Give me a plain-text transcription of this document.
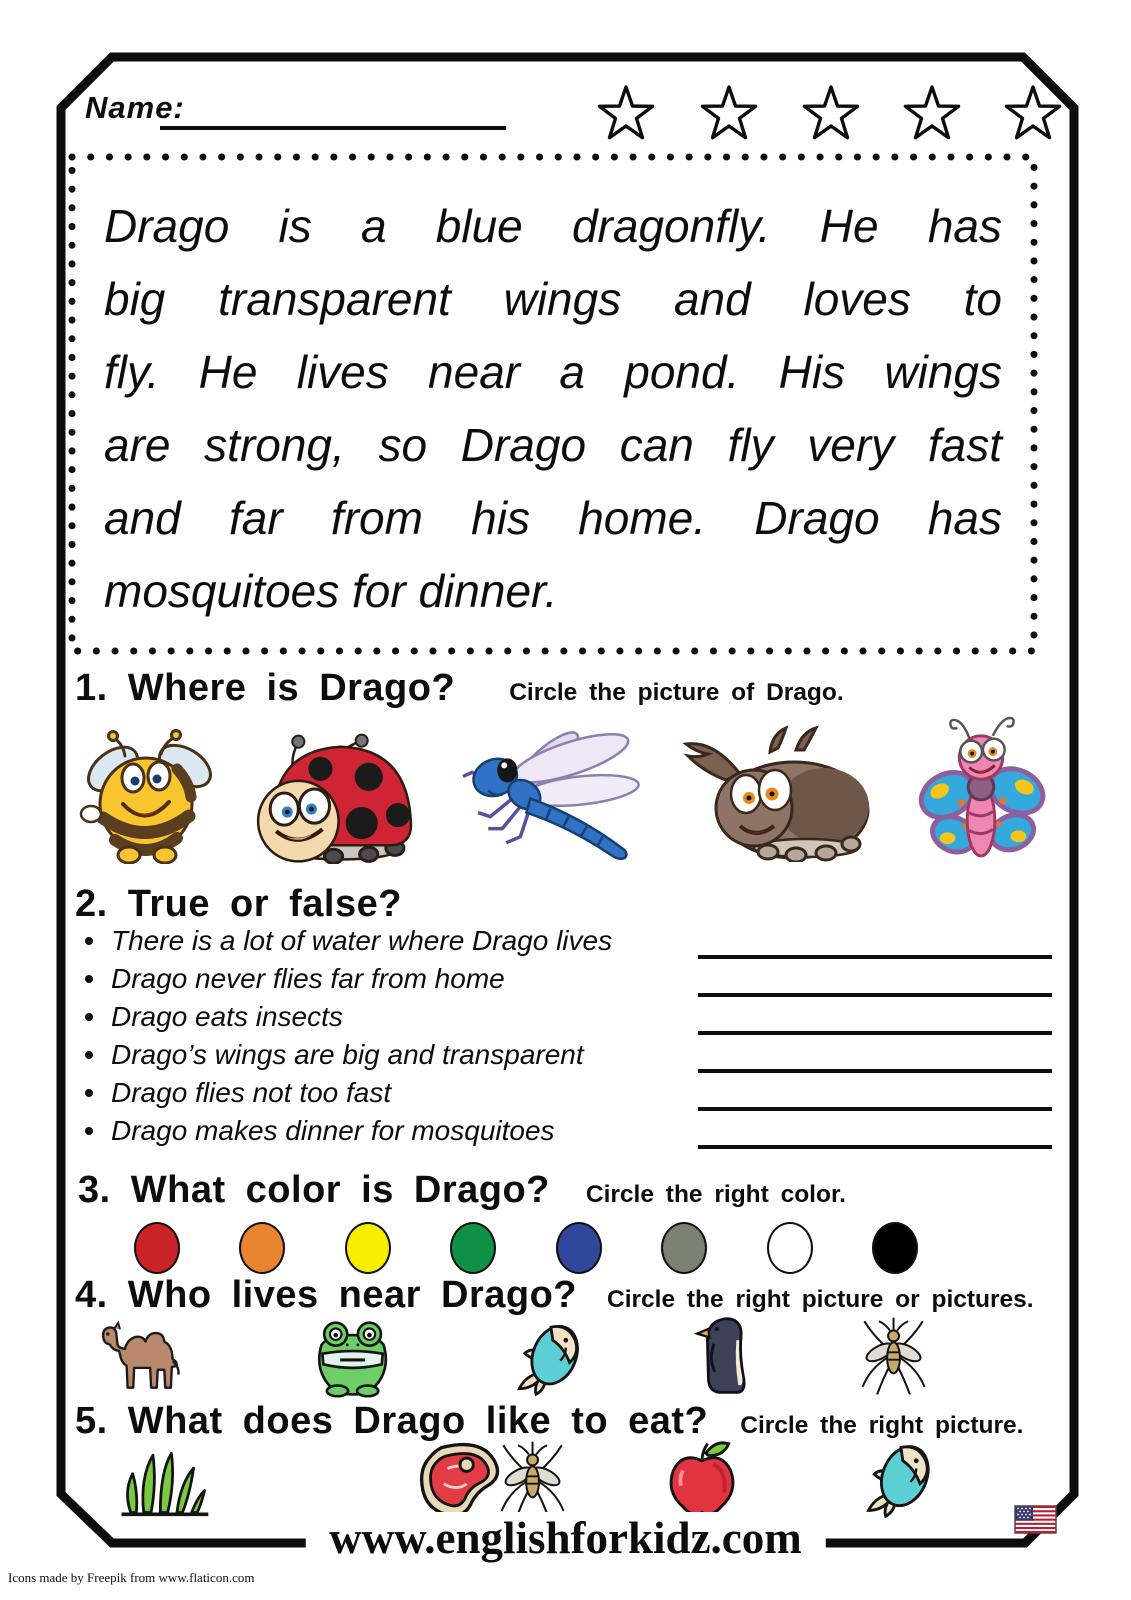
Name:
Drago is a blue dragonfly. He has
big transparent wings and loves to
fly. He lives near a pond. His wings
are strong, so Drago can fly very fast
and far from his home. Drago has
mosquitoes for dinner.
1. Where is Drago? Circle the picture of Drago.
2. True or false?
There is a lot of water where Drago lives
Drago never flies far from home
Drago eats insects
Drago’s wings are big and transparent
Drago flies not too fast
Drago makes dinner for mosquitoes
3. What color is Drago? Circle the right color.
4. Who lives near Drago? Circle the right picture or pictures.
5. What does Drago like to eat? Circle the right picture.
www.englishforkidz.com
Icons made by Freepik from www.flaticon.com
